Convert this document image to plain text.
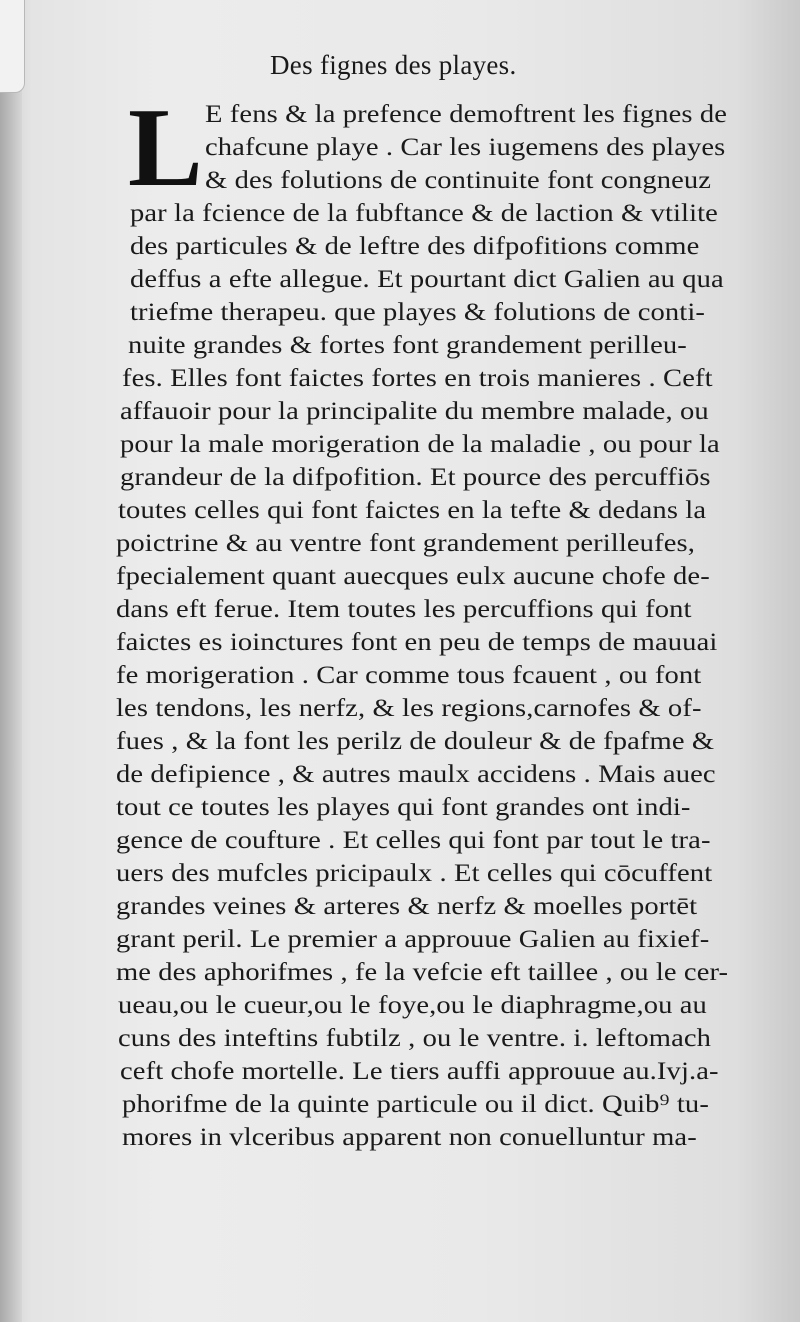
Des fignes des playes.
L E fens & la prefence demoftrent les fignes de
chafcune playe . Car les iugemens des playes
& des folutions de continuite font congneuz
par la fcience de la fubftance & de laction & vtilite
des particules & de leftre des difpofitions comme
deffus a efte allegue. Et pourtant dict Galien au qua
triefme therapeu. que playes & folutions de conti-
nuite grandes & fortes font grandement perilleu-
fes. Elles font faictes fortes en trois manieres . Ceft
affauoir pour la principalite du membre malade, ou
pour la male morigeration de la maladie , ou pour la
grandeur de la difpofition. Et pource des percuffiōs
toutes celles qui font faictes en la tefte & dedans la
poictrine & au ventre font grandement perilleufes,
fpecialement quant auecques eulx aucune chofe de-
dans eft ferue. Item toutes les percuffions qui font
faictes es ioinctures font en peu de temps de mauuai
fe morigeration . Car comme tous fcauent , ou font
les tendons, les nerfz, & les regions,carnofes & of-
fues , & la font les perilz de douleur & de fpafme &
de defipience , & autres maulx accidens . Mais auec
tout ce toutes les playes qui font grandes ont indi-
gence de coufture . Et celles qui font par tout le tra-
uers des mufcles pricipaulx . Et celles qui cōcuffent
grandes veines & arteres & nerfz & moelles portēt
grant peril. Le premier a approuue Galien au fixief-
me des aphorifmes , fe la vefcie eft taillee , ou le cer-
ueau,ou le cueur,ou le foye,ou le diaphragme,ou au
cuns des inteftins fubtilz , ou le ventre. i. leftomach
ceft chofe mortelle. Le tiers auffi approuue au.Ivj.a-
phorifme de la quinte particule ou il dict. Quib⁹ tu-
mores in vlceribus apparent non conuelluntur ma-
